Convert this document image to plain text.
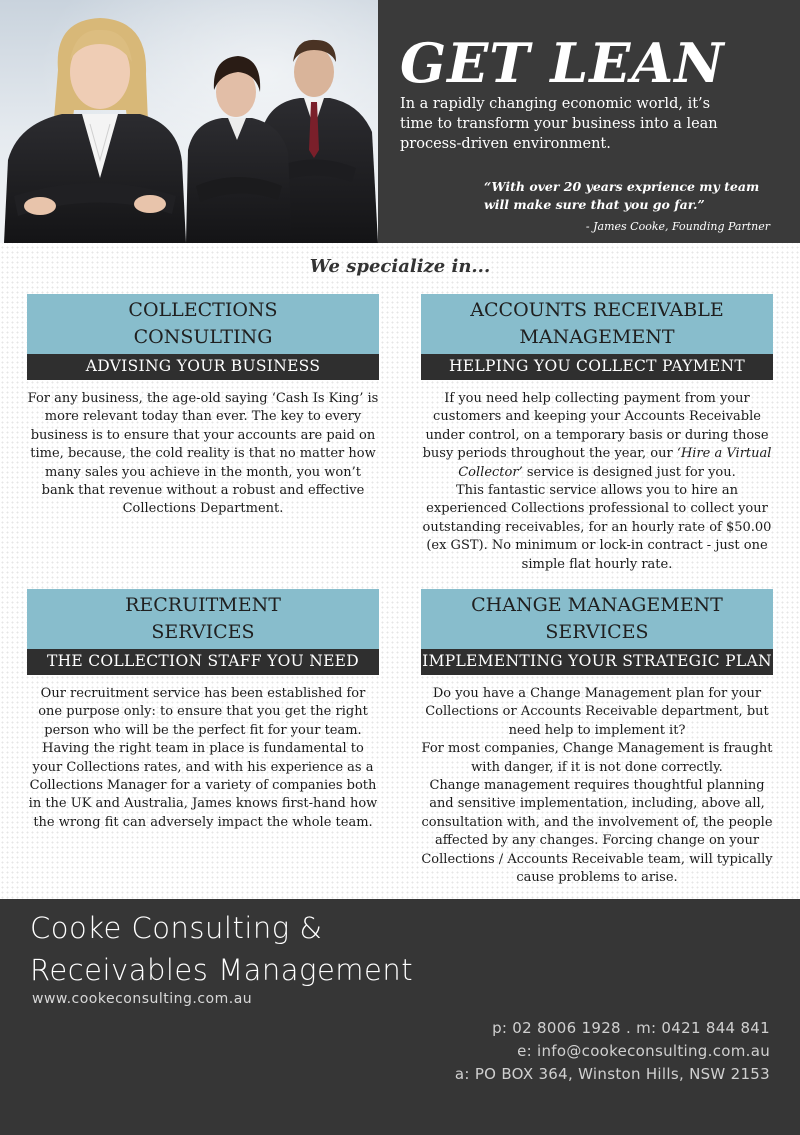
GET LEAN
In a rapidly changing economic world, it’s time to transform your business into a lean process-driven environment.
“With over 20 years exprience my team will make sure that you go far.”
- James Cooke, Founding Partner
We specialize in...
COLLECTIONS
CONSULTING
ADVISING YOUR BUSINESS

For any business, the age-old saying ‘Cash Is King’ is more relevant today than ever. The key to every business is to ensure that your accounts are paid on time, because, the cold reality is that no matter how many sales you achieve in the month, you won’t bank that revenue without a robust and effective Collections Department.

ACCOUNTS RECEIVABLE
MANAGEMENT
HELPING YOU COLLECT PAYMENT

If you need help collecting payment from your customers and keeping your Accounts Receivable under control, on a temporary basis or during those busy periods throughout the year, our ‘Hire a Virtual Collector’ service is designed just for you.

This fantastic service allows you to hire an experienced Collections professional to collect your outstanding receivables, for an hourly rate of $50.00 (ex GST). No minimum or lock-in contract - just one simple flat hourly rate.

RECRUITMENT
SERVICES
THE COLLECTION STAFF YOU NEED

Our recruitment service has been established for one purpose only: to ensure that you get the right person who will be the perfect fit for your team.

Having the right team in place is fundamental to your Collections rates, and with his experience as a Collections Manager for a variety of companies both in the UK and Australia, James knows first-hand how the wrong fit can adversely impact the whole team.

CHANGE MANAGEMENT
SERVICES
IMPLEMENTING YOUR STRATEGIC PLAN

Do you have a Change Management plan for your Collections or Accounts Receivable department, but need help to implement it?

For most companies, Change Management is fraught with danger, if it is not done correctly.

Change management requires thoughtful planning and sensitive implementation, including, above all, consultation with, and the involvement of, the people affected by any changes. Forcing change on your Collections / Accounts Receivable team, will typically cause problems to arise.

Cooke Consulting &
Receivables Management
www.cookeconsulting.com.au
p: 02 8006 1928 . m: 0421 844 841
e: info@cookeconsulting.com.au
a: PO BOX 364, Winston Hills, NSW 2153
